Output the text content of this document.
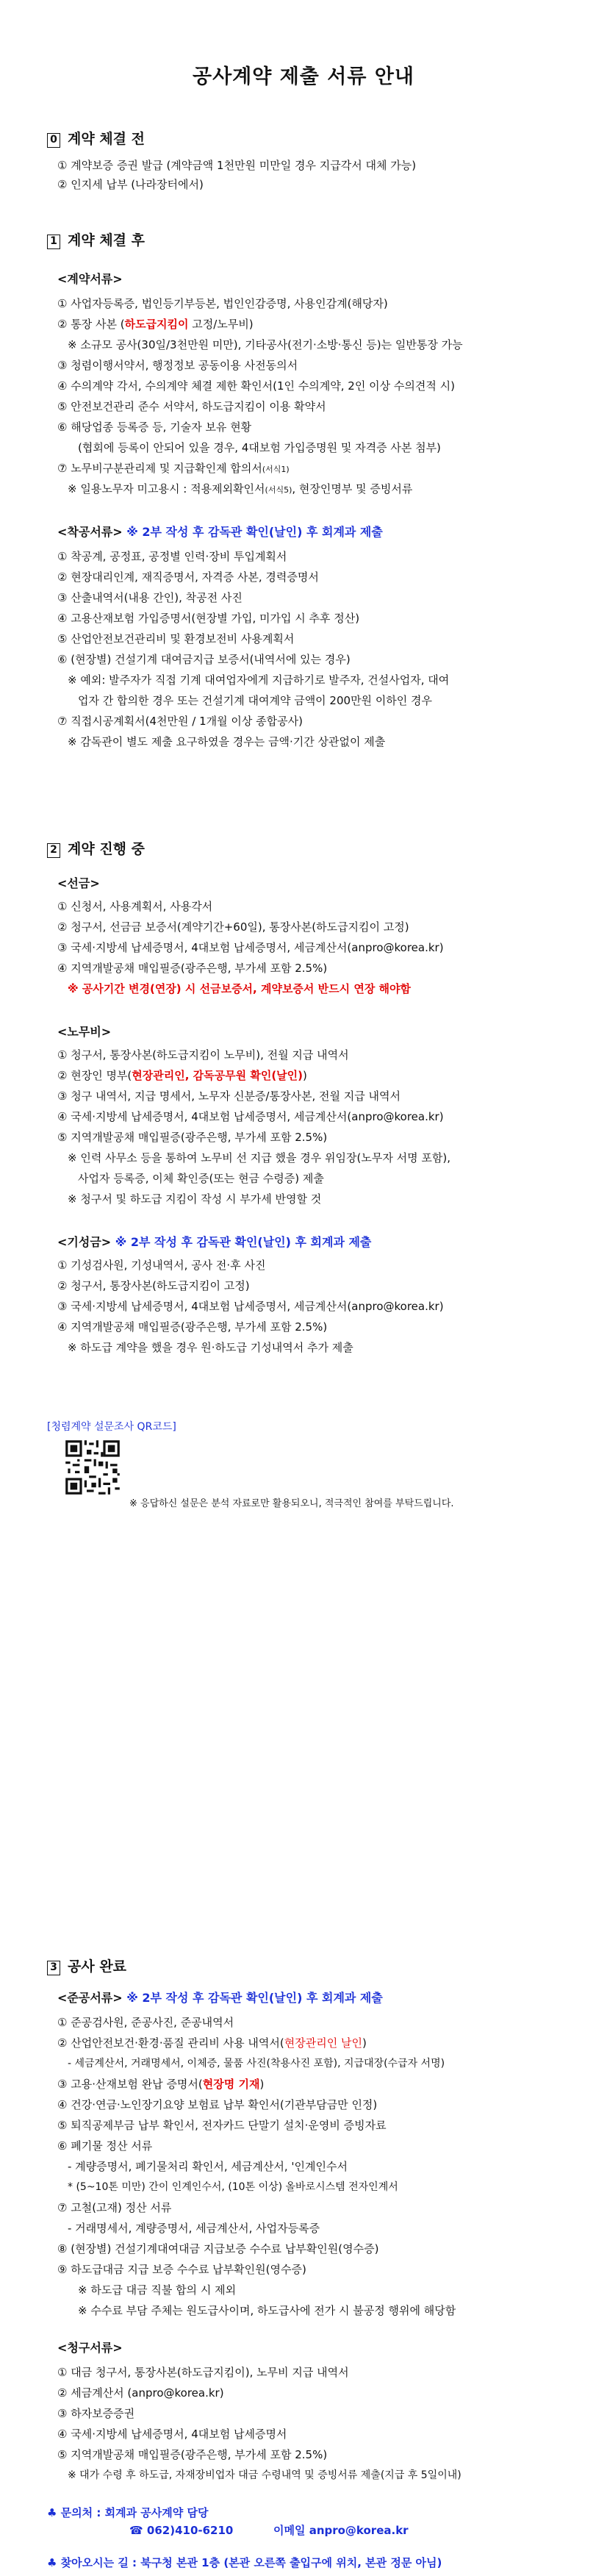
공사계약 제출 서류 안내
0 계약 체결 전
① 계약보증 증권 발급 (계약금액 1천만원 미만일 경우 지급각서 대체 가능)
② 인지세 납부 (나라장터에서)
1 계약 체결 후
<계약서류>
① 사업자등록증, 법인등기부등본, 법인인감증명, 사용인감계(해당자)
② 통장 사본 (하도급지킴이 고정/노무비)
※ 소규모 공사(30일/3천만원 미만), 기타공사(전기·소방·통신 등)는 일반통장 가능
③ 청렴이행서약서, 행정정보 공동이용 사전동의서
④ 수의계약 각서, 수의계약 체결 제한 확인서(1인 수의계약, 2인 이상 수의견적 시)
⑤ 안전보건관리 준수 서약서, 하도급지킴이 이용 확약서
⑥ 해당업종 등록증 등, 기술자 보유 현황
(협회에 등록이 안되어 있을 경우, 4대보험 가입증명원 및 자격증 사본 첨부)
⑦ 노무비구분관리제 및 지급확인제 합의서(서식1)
※ 일용노무자 미고용시 : 적용제외확인서(서식5), 현장인명부 및 증빙서류
<착공서류> ※ 2부 작성 후 감독관 확인(날인) 후 회계과 제출
① 착공계, 공정표, 공정별 인력·장비 투입계획서
② 현장대리인계, 재직증명서, 자격증 사본, 경력증명서
③ 산출내역서(내용 간인), 착공전 사진
④ 고용산재보험 가입증명서(현장별 가입, 미가입 시 추후 정산)
⑤ 산업안전보건관리비 및 환경보전비 사용계획서
⑥ (현장별) 건설기계 대여금지급 보증서(내역서에 있는 경우)
※ 예외: 발주자가 직접 기계 대여업자에게 지급하기로 발주자, 건설사업자, 대여
업자 간 합의한 경우 또는 건설기계 대여계약 금액이 200만원 이하인 경우
⑦ 직접시공계획서(4천만원 / 1개월 이상 종합공사)
※ 감독관이 별도 제출 요구하였을 경우는 금액·기간 상관없이 제출
2 계약 진행 중
<선금>
① 신청서, 사용계획서, 사용각서
② 청구서, 선금금 보증서(계약기간+60일), 통장사본(하도급지킴이 고정)
③ 국세·지방세 납세증명서, 4대보험 납세증명서, 세금계산서(anpro@korea.kr)
④ 지역개발공채 매입필증(광주은행, 부가세 포함 2.5%)
※ 공사기간 변경(연장) 시 선금보증서, 계약보증서 반드시 연장 해야함
<노무비>
① 청구서, 통장사본(하도급지킴이 노무비), 전월 지급 내역서
② 현장인 명부(현장관리인, 감독공무원 확인(날인))
③ 청구 내역서, 지급 명세서, 노무자 신분증/통장사본, 전월 지급 내역서
④ 국세·지방세 납세증명서, 4대보험 납세증명서, 세금계산서(anpro@korea.kr)
⑤ 지역개발공채 매입필증(광주은행, 부가세 포함 2.5%)
※ 인력 사무소 등을 통하여 노무비 선 지급 했을 경우 위임장(노무자 서명 포함),
사업자 등록증, 이체 확인증(또는 현금 수령증) 제출
※ 청구서 및 하도급 지킴이 작성 시 부가세 반영할 것
<기성금> ※ 2부 작성 후 감독관 확인(날인) 후 회계과 제출
① 기성검사원, 기성내역서, 공사 전·후 사진
② 청구서, 통장사본(하도급지킴이 고정)
③ 국세·지방세 납세증명서, 4대보험 납세증명서, 세금계산서(anpro@korea.kr)
④ 지역개발공채 매입필증(광주은행, 부가세 포함 2.5%)
※ 하도급 계약을 했을 경우 원·하도급 기성내역서 추가 제출
[청렴계약 설문조사 QR코드]
※ 응답하신 설문은 분석 자료로만 활용되오니, 적극적인 참여를 부탁드립니다.
3 공사 완료
<준공서류> ※ 2부 작성 후 감독관 확인(날인) 후 회계과 제출
① 준공검사원, 준공사진, 준공내역서
② 산업안전보건·환경·품질 관리비 사용 내역서(현장관리인 날인)
- 세금계산서, 거래명세서, 이체증, 물품 사진(착용사진 포함), 지급대장(수급자 서명)
③ 고용·산재보험 완납 증명서(현장명 기재)
④ 건강·연금·노인장기요양 보험료 납부 확인서(기관부담금만 인정)
⑤ 퇴직공제부금 납부 확인서, 전자카드 단말기 설치·운영비 증빙자료
⑥ 폐기물 정산 서류
- 계량증명서, 폐기물처리 확인서, 세금계산서, '인계인수서
* (5~10톤 미만) 간이 인계인수서, (10톤 이상) 올바로시스템 전자인계서
⑦ 고철(고재) 정산 서류
- 거래명세서, 계량증명서, 세금계산서, 사업자등록증
⑧ (현장별) 건설기계대여대금 지급보증 수수료 납부확인원(영수증)
⑨ 하도급대금 지급 보증 수수료 납부확인원(영수증)
※ 하도급 대금 직불 합의 시 제외
※ 수수료 부담 주체는 원도급사이며, 하도급사에 전가 시 불공정 행위에 해당함
<청구서류>
① 대금 청구서, 통장사본(하도급지킴이), 노무비 지급 내역서
② 세금계산서 (anpro@korea.kr)
③ 하자보증증권
④ 국세·지방세 납세증명서, 4대보험 납세증명서
⑤ 지역개발공채 매입필증(광주은행, 부가세 포함 2.5%)
※ 대가 수령 후 하도급, 자재장비업자 대금 수령내역 및 증빙서류 제출(지급 후 5일이내)
♣ 문의처 : 회계과 공사계약 담당
☎ 062)410-6210	이메일 anpro@korea.kr
♣ 찾아오시는 길 : 북구청 본관 1층 (본관 오른쪽 출입구에 위치, 본관 정문 아님)
